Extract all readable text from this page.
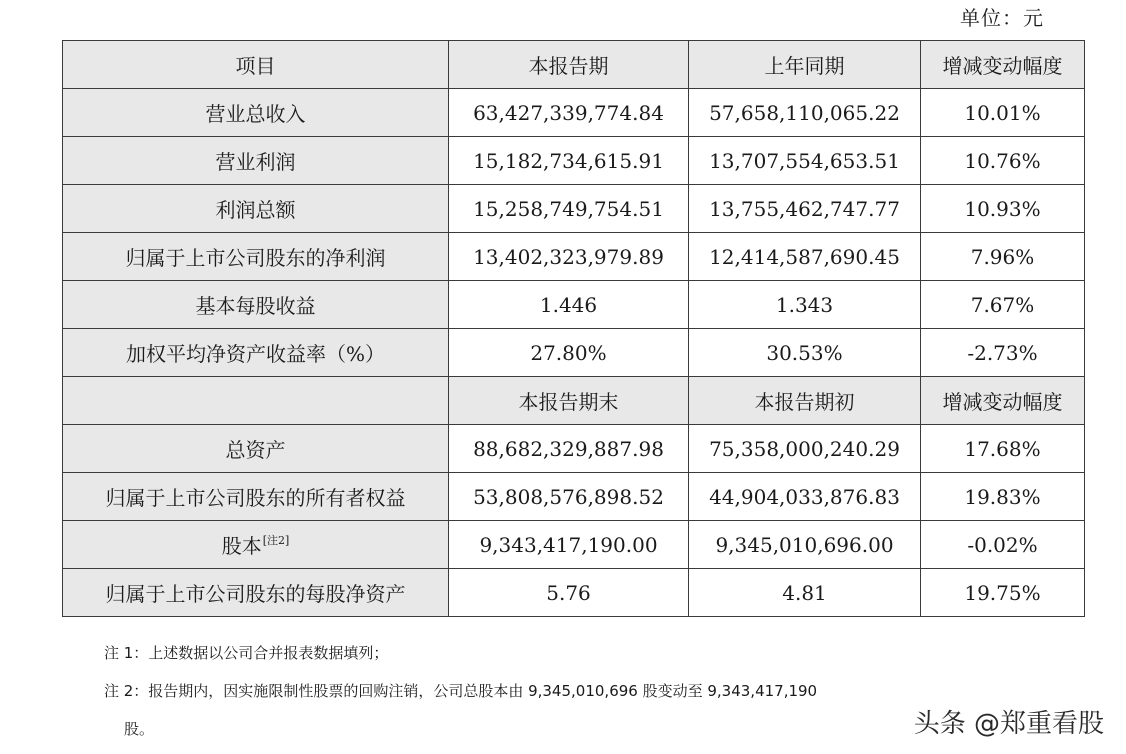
单位：元
项目	本报告期	上年同期	增减变动幅度
营业总收入	63,427,339,774.84	57,658,110,065.22	10.01%
营业利润	15,182,734,615.91	13,707,554,653.51	10.76%
利润总额	15,258,749,754.51	13,755,462,747.77	10.93%
归属于上市公司股东的净利润	13,402,323,979.89	12,414,587,690.45	7.96%
基本每股收益	1.446	1.343	7.67%
加权平均净资产收益率（%）	27.80%	30.53%	-2.73%
	本报告期末	本报告期初	增减变动幅度
总资产	88,682,329,887.98	75,358,000,240.29	17.68%
归属于上市公司股东的所有者权益	53,808,576,898.52	44,904,033,876.83	19.83%
股本[注2]	9,343,417,190.00	9,345,010,696.00	-0.02%
归属于上市公司股东的每股净资产	5.76	4.81	19.75%
注 1：上述数据以公司合并报表数据填列；
注 2：报告期内，因实施限制性股票的回购注销，公司总股本由 9,345,010,696 股变动至 9,343,417,190
股。	头条 @郑重看股
